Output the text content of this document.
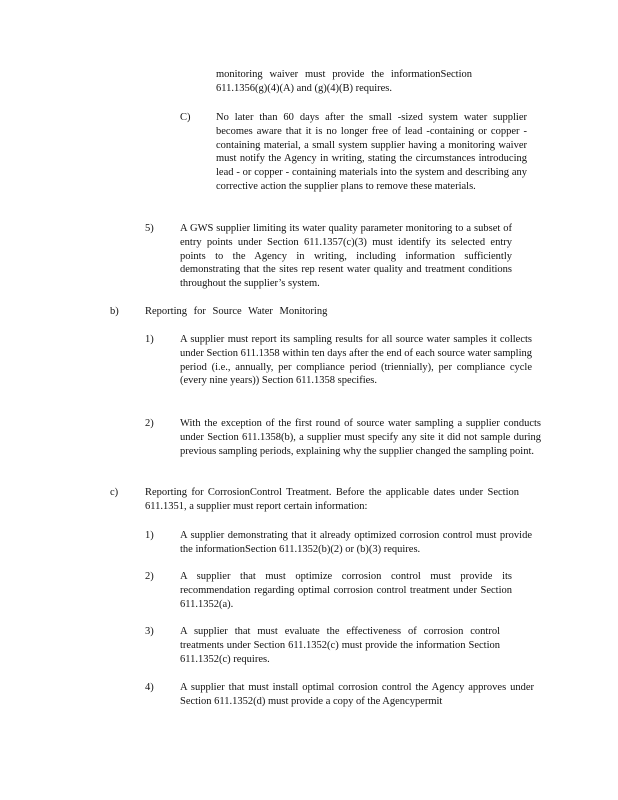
monitoring waiver must provide the informationSection 611.1356(g)(4)(A) and (g)(4)(B) requires.
C) No later than 60 days after the small -sized system water supplier becomes aware that it is no longer free of lead -containing or copper -containing material, a small system supplier having a monitoring waiver must notify the Agency in writing, stating the circumstances introducing lead - or copper - containing materials into the system and describing any corrective action the supplier plans to remove these materials.
5)	A GWS supplier limiting its water quality parameter monitoring to a subset of entry points under Section 611.1357(c)(3) must identify its selected entry points to the Agency in writing, including information sufficiently demonstrating that the sites rep resent water quality and treatment conditions throughout the supplier’s system.
b)	Reporting for Source Water Monitoring
1)	A supplier must report its sampling results for all source water samples it collects under Section 611.1358 within ten days after the end of each source water sampling period (i.e., annually, per compliance period (triennially), per compliance cycle (every nine years)) Section 611.1358 specifies.
2)	With the exception of the first round of source water sampling a supplier conducts under Section 611.1358(b), a supplier must specify any site it did not sample during previous sampling periods, explaining why the supplier changed the sampling point.
c)	Reporting for CorrosionControl Treatment. Before the applicable dates under Section 611.1351, a supplier must report certain information:
1)	A supplier demonstrating that it already optimized corrosion control must provide the informationSection 611.1352(b)(2) or (b)(3) requires.
2)	A supplier that must optimize corrosion control must provide its recommendation regarding optimal corrosion control treatment under Section 611.1352(a).
3)	A supplier that must evaluate the effectiveness of corrosion control treatments under Section 611.1352(c) must provide the information Section 611.1352(c) requires.
4)	A supplier that must install optimal corrosion control the Agency approves under Section 611.1352(d) must provide a copy of the Agencypermit
